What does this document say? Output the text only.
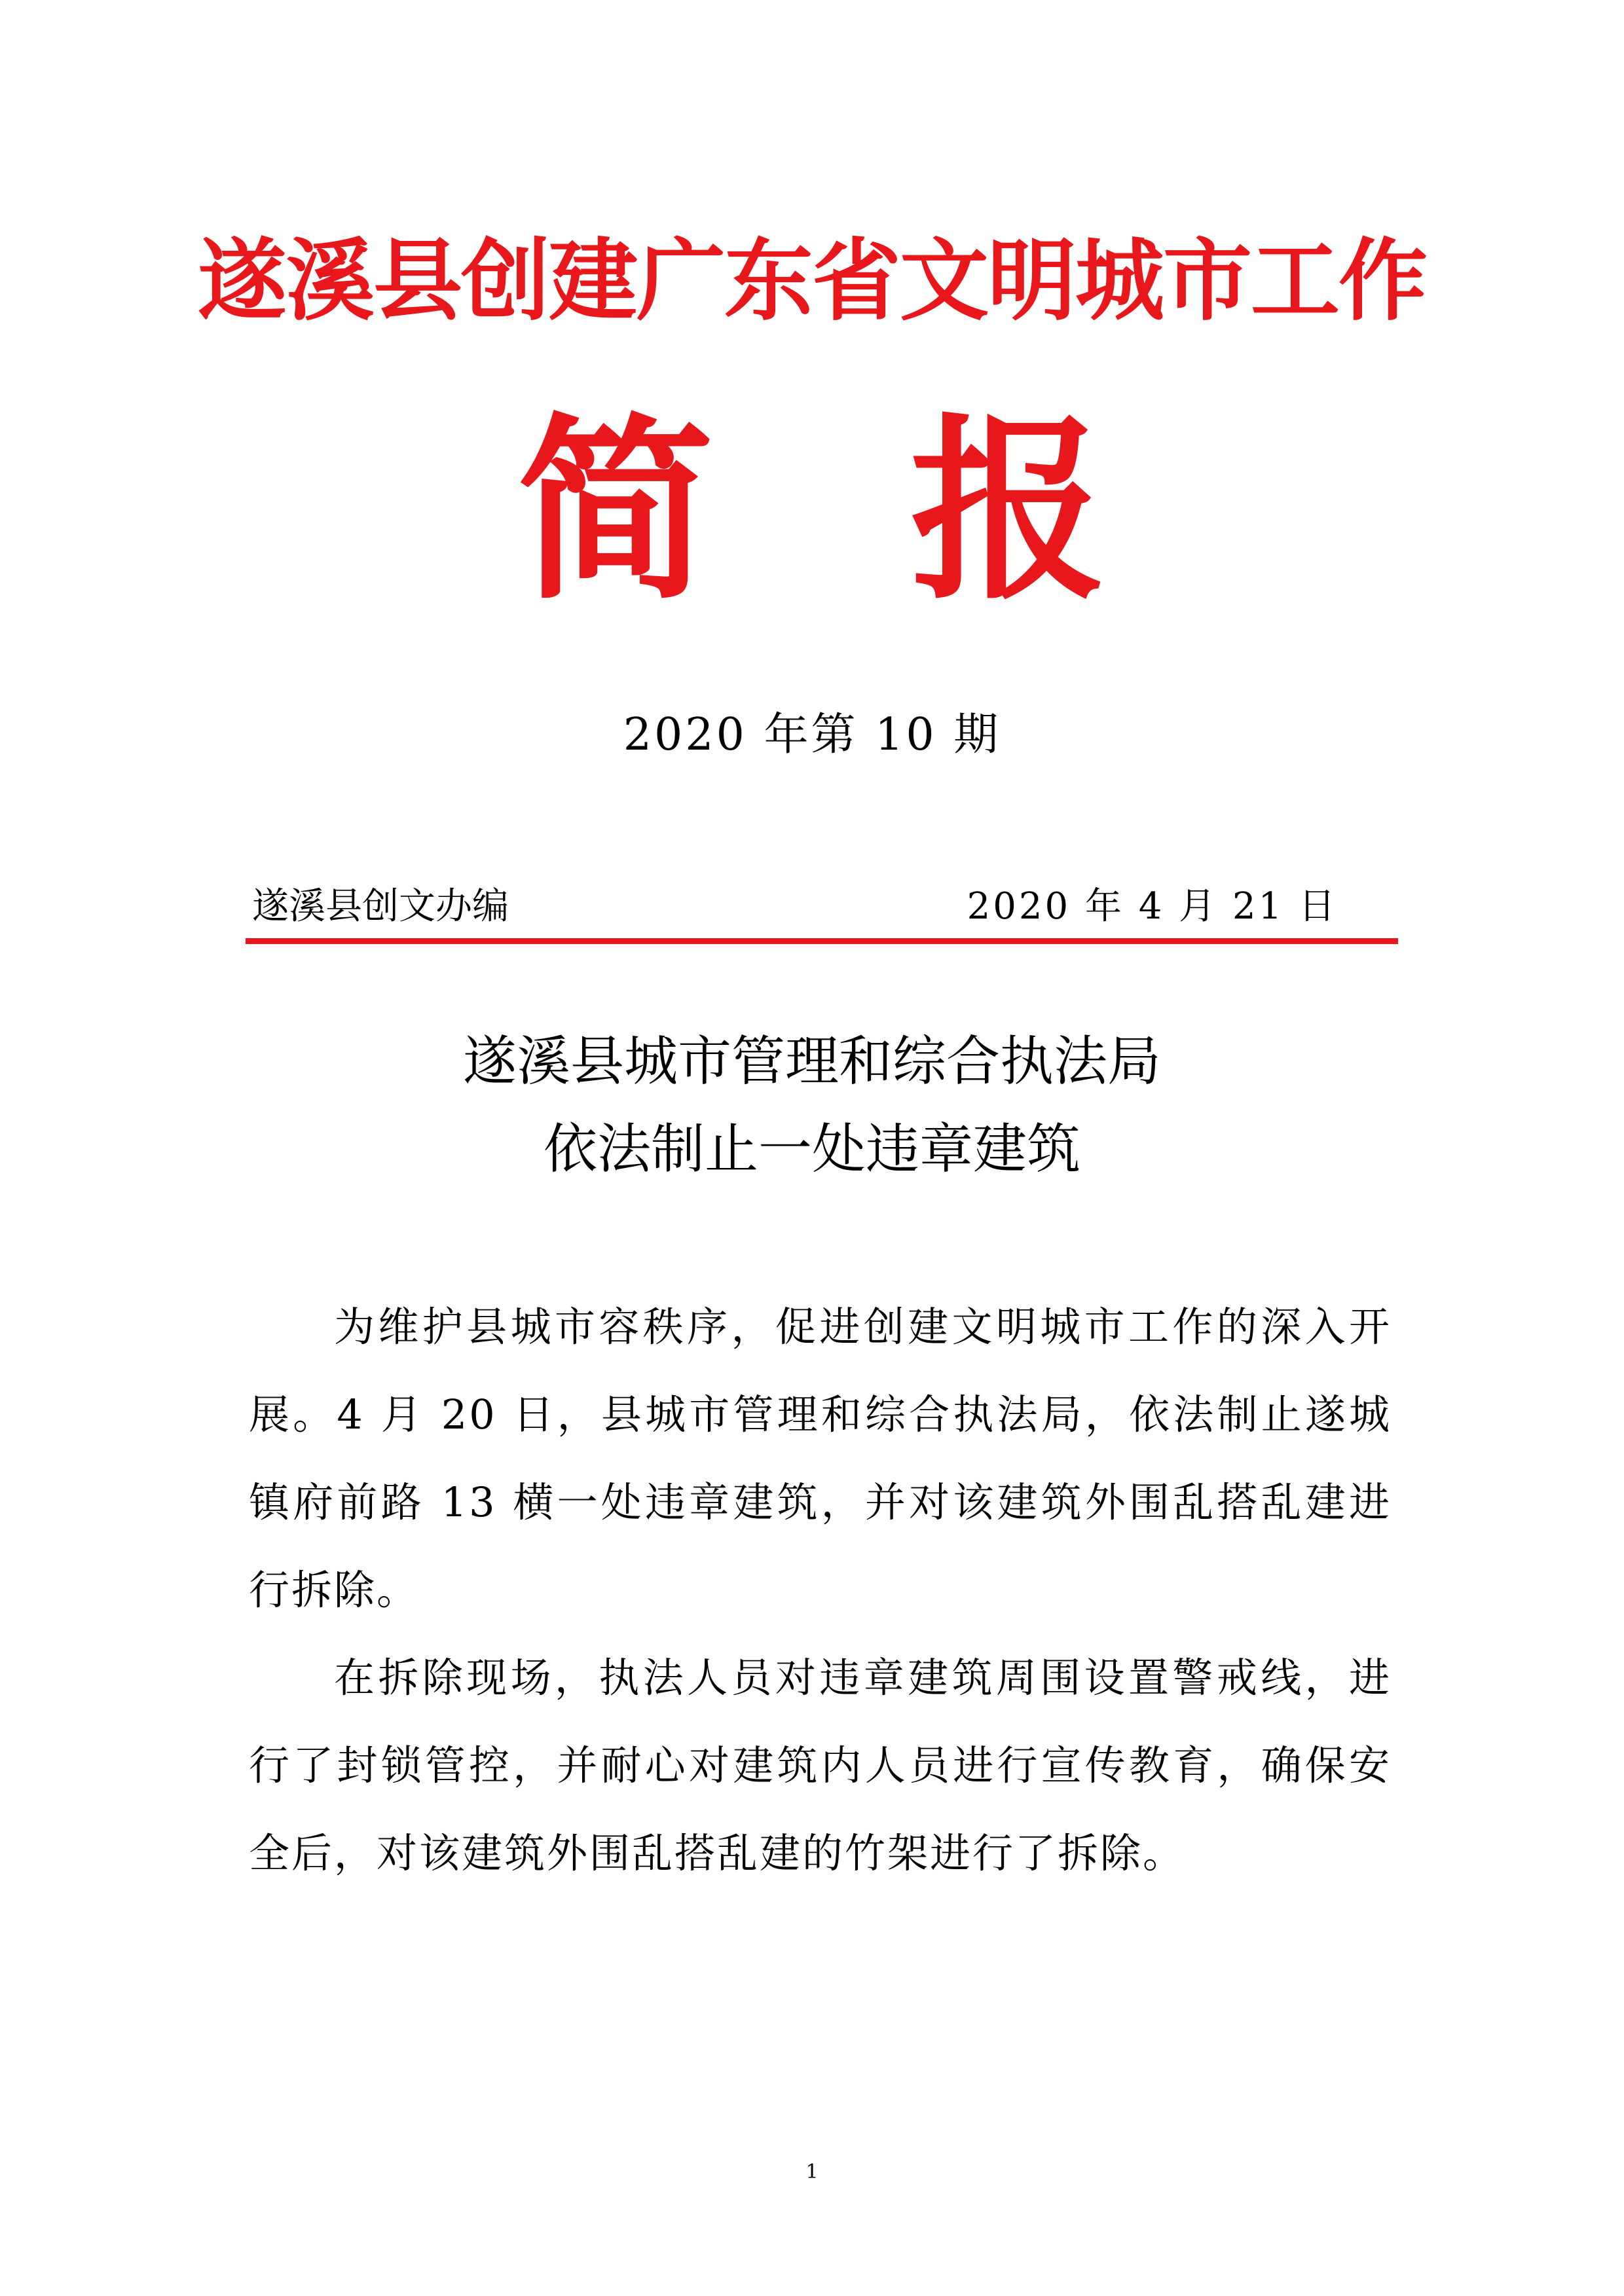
遂溪县创建广东省文明城市工作
简报
2020 年第 10 期
遂溪县创文办编	2020 年 4 月 21 日
遂溪县城市管理和综合执法局
依法制止一处违章建筑

为维护县城市容秩序，促进创建文明城市工作的深入开展。4 月 20 日，县城市管理和综合执法局，依法制止遂城镇府前路 13 横一处违章建筑，并对该建筑外围乱搭乱建进行拆除。

在拆除现场，执法人员对违章建筑周围设置警戒线，进行了封锁管控，并耐心对建筑内人员进行宣传教育，确保安全后，对该建筑外围乱搭乱建的竹架进行了拆除。

1
